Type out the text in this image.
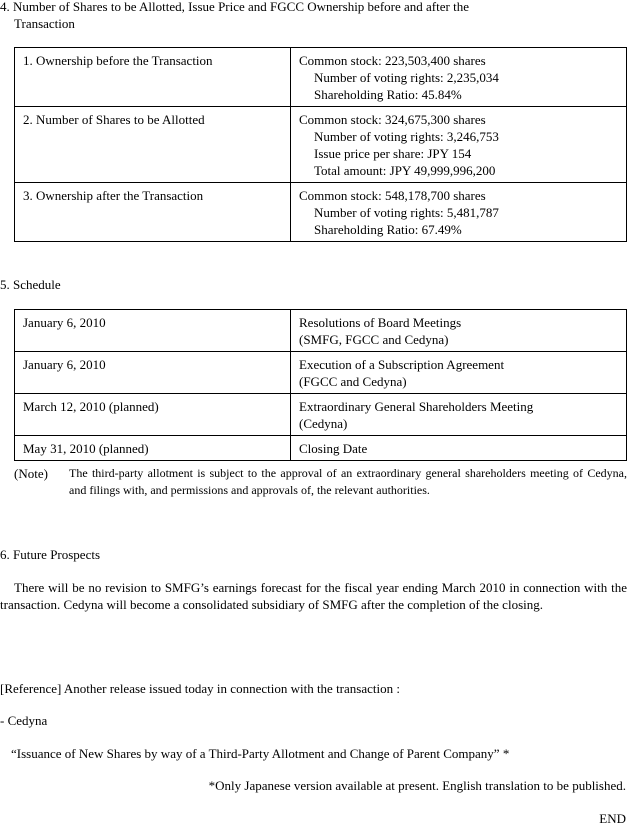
4. Number of Shares to be Allotted, Issue Price and FGCC Ownership before and after the
Transaction
1. Ownership before the Transaction	Common stock: 223,503,400 shares
Number of voting rights: 2,235,034
Shareholding Ratio: 45.84%

2. Number of Shares to be Allotted	Common stock: 324,675,300 shares
Number of voting rights: 3,246,753
Issue price per share: JPY 154
Total amount: JPY 49,999,996,200

3. Ownership after the Transaction	Common stock: 548,178,700 shares
Number of voting rights: 5,481,787
Shareholding Ratio: 67.49%
5. Schedule
January 6, 2010	Resolutions of Board Meetings
(SMFG, FGCC and Cedyna)

January 6, 2010	Execution of a Subscription Agreement
(FGCC and Cedyna)

March 12, 2010 (planned)	Extraordinary General Shareholders Meeting
(Cedyna)

May 31, 2010 (planned)	Closing Date
(Note) The third-party allotment is subject to the approval of an extraordinary general shareholders meeting of Cedyna, and filings with, and permissions and approvals of, the relevant authorities.
6. Future Prospects
There will be no revision to SMFG’s earnings forecast for the fiscal year ending March 2010 in connection with the transaction. Cedyna will become a consolidated subsidiary of SMFG after the completion of the closing.
[Reference] Another release issued today in connection with the transaction :
- Cedyna
“Issuance of New Shares by way of a Third-Party Allotment and Change of Parent Company” *
*Only Japanese version available at present. English translation to be published.
END
